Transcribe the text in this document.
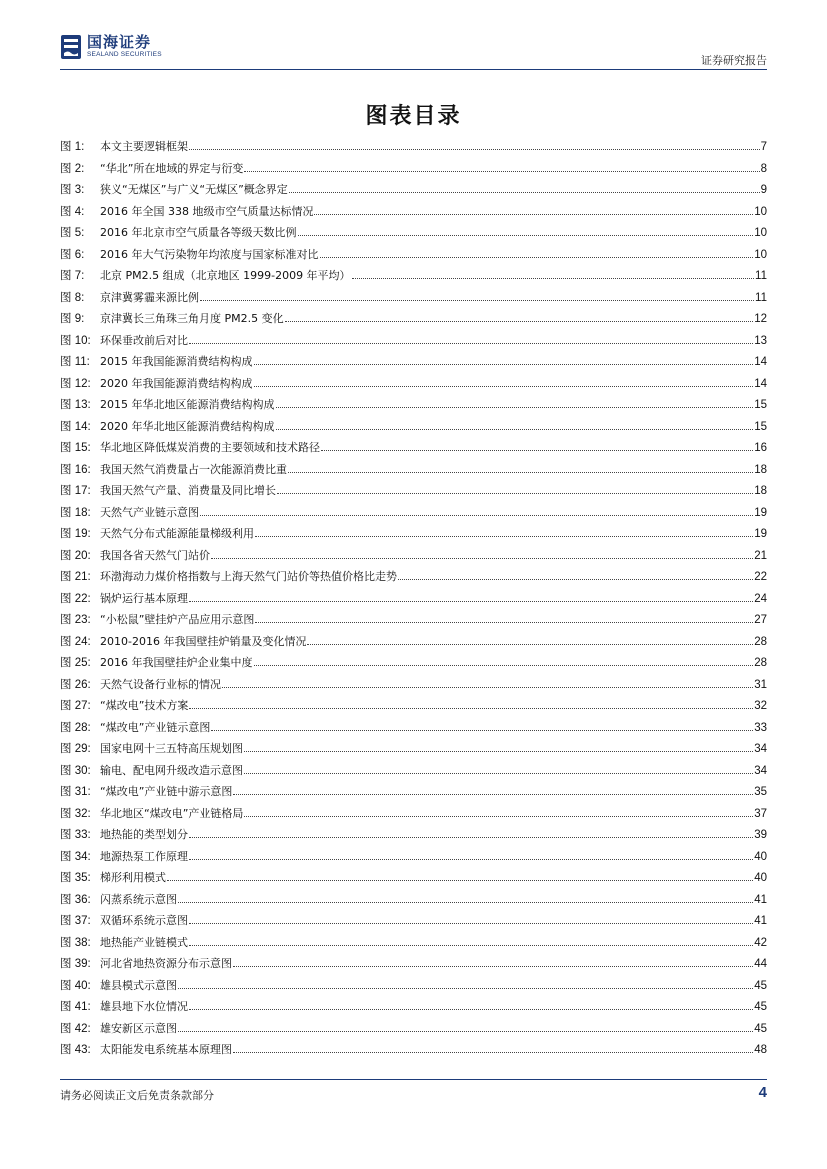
国海证券
SEALAND SECURITIES	证券研究报告
图表目录
图 1:	本文主要逻辑框架	7
图 2:	“华北”所在地域的界定与衍变	8
图 3:	狭义“无煤区”与广义“无煤区”概念界定	9
图 4:	2016 年全国 338 地级市空气质量达标情况	10
图 5:	2016 年北京市空气质量各等级天数比例	10
图 6:	2016 年大气污染物年均浓度与国家标准对比	10
图 7:	北京 PM2.5 组成（北京地区 1999-2009 年平均）	11
图 8:	京津冀雾霾来源比例	11
图 9:	京津冀长三角珠三角月度 PM2.5 变化	12
图 10: 环保垂改前后对比	13
图 11: 2015 年我国能源消费结构构成	14
图 12: 2020 年我国能源消费结构构成	14
图 13: 2015 年华北地区能源消费结构构成	15
图 14: 2020 年华北地区能源消费结构构成	15
图 15: 华北地区降低煤炭消费的主要领域和技术路径	16
图 16: 我国天然气消费量占一次能源消费比重	18
图 17: 我国天然气产量、消费量及同比增长	18
图 18: 天然气产业链示意图	19
图 19: 天然气分布式能源能量梯级利用	19
图 20: 我国各省天然气门站价	21
图 21: 环渤海动力煤价格指数与上海天然气门站价等热值价格比走势	22
图 22: 锅炉运行基本原理	24
图 23: “小松鼠”壁挂炉产品应用示意图	27
图 24: 2010-2016 年我国壁挂炉销量及变化情况	28
图 25: 2016 年我国壁挂炉企业集中度	28
图 26: 天然气设备行业标的情况	31
图 27: “煤改电”技术方案	32
图 28: “煤改电”产业链示意图	33
图 29: 国家电网十三五特高压规划图	34
图 30: 输电、配电网升级改造示意图	34
图 31: “煤改电”产业链中游示意图	35
图 32: 华北地区“煤改电”产业链格局	37
图 33: 地热能的类型划分	39
图 34: 地源热泵工作原理	40
图 35: 梯形利用模式	40
图 36: 闪蒸系统示意图	41
图 37: 双循环系统示意图	41
图 38: 地热能产业链模式	42
图 39: 河北省地热资源分布示意图	44
图 40: 雄县模式示意图	45
图 41: 雄县地下水位情况	45
图 42: 雄安新区示意图	45
图 43: 太阳能发电系统基本原理图	48
请务必阅读正文后免责条款部分	4
